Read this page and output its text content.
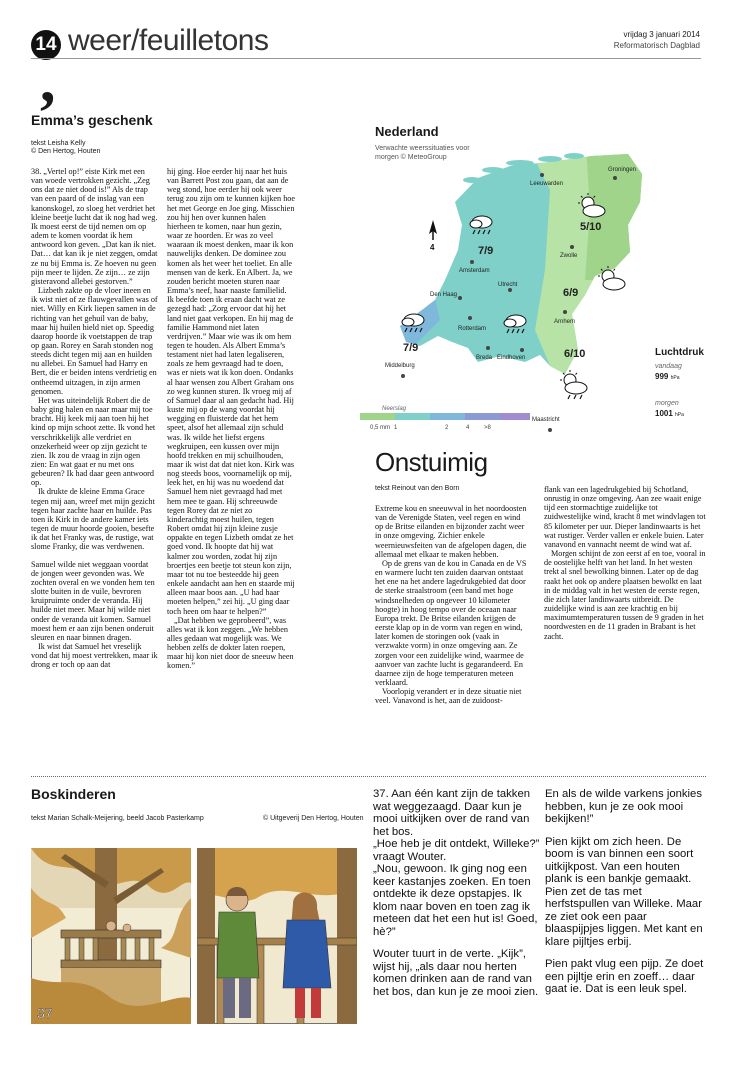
14 weer/feuilletons	vrijdag 3 januari 2014
Reformatorisch Dagblad
,
Emma’s geschenk
tekst Leisha Kelly
© Den Hertog, Houten

38. „Vertel op!” eiste Kirk met een van woede vertrokken gezicht. „Zeg ons dat ze niet dood is!” Als de trap van een paard of de inslag van een kanonskogel, zo sloeg het verdriet het kleine beetje lucht dat ik nog had weg. Ik moest eerst de tijd nemen om op adem te komen voordat ik hem antwoord kon geven. „Dat kan ik niet. Dat… dat kan ik je niet zeggen, omdat ze nu bij Emma is. Ze hoeven nu geen pijn meer te lijden. Ze zijn… ze zijn gisteravond allebei gestorven.”

Lizbeth zakte op de vloer ineen en ik wist niet of ze flauwgevallen was of niet. Willy en Kirk liepen samen in de richting van het gehuil van de baby, maar hij huilen hield niet op. Speedig daarop hoorde ik voetstappen de trap op gaan. Rorey en Sarah stonden nog steeds dicht tegen mij aan en huilden nu allebei. En Samuel had Harry en Bert, die er beiden intens verdrietig en ontheemd uitzagen, in zijn armen genomen.

Het was uiteindelijk Robert die de baby ging halen en naar maar mij toe bracht. Hij keek mij aan toen hij het kind op mijn schoot zette. Ik vond het verschrikkelijk alle verdriet en onzekerheid weer op zijn gezicht te zien. Ik zou de vraag in zijn ogen zien: En wat gaat er nu met ons gebeuren? Ik had daar geen antwoord op.

Ik drukte de kleine Emma Grace tegen mij aan, wreef met mijn gezicht tegen haar zachte haar en huilde. Pas toen ik Kirk in de andere kamer iets tegen de muur hoorde gooien, besefte ik dat het Franky was, de rustige, wat slome Franky, die was verdwenen.

Samuel wilde niet weggaan voordat de jongen weer gevonden was. We zochten overal en we vonden hem ten slotte buiten in de vuile, bevroren kruipruimte onder de veranda. Hij huilde niet meer. Maar hij wilde niet onder de veranda uit komen. Samuel moest hem er aan zijn benen onderuit sleuren en naar binnen dragen.

Ik wist dat Samuel het vreselijk vond dat hij moest vertrekken, maar ik drong er toch op aan dat

hij ging. Hoe eerder hij naar het huis van Barrett Post zou gaan, dat aan de weg stond, hoe eerder hij ook weer terug zou zijn om te kunnen kijken hoe het met George en Joe ging. Misschien zou hij hen over kunnen halen hierheen te komen, naar hun gezin, waar ze hoorden. Er was zo veel waaraan ik moest denken, maar ik kon nauwelijks denken. De dominee zou komen als het weer het toeliet. En alle mensen van de kerk. En Albert. Ja, we zouden bericht moeten sturen naar Emma’s neef, haar naaste familielid. Ik beefde toen ik eraan dacht wat ze gezegd had: „Zorg ervoor dat hij het land niet gaat verkopen. En hij mag de familie Hammond niet laten verdrijven.” Maar wie was ik om hem tegen te houden. Als Albert Emma’s testament niet had laten legaliseren, zoals ze hem gevraagd had te doen, was er niets wat ik kon doen. Ondanks al haar wensen zou Albert Graham ons zo weg kunnen sturen. Ik vroeg mij af of Samuel daar al aan gedacht had. Hij kuste mij op de wang voordat hij wegging en fluisterde dat het hem speet, alsof het allemaal zijn schuld was. Ik wilde het liefst ergens wegkruipen, een kussen over mijn hoofd trekken en mij schuilhouden, maar ik wist dat dat niet kon. Kirk was nog steeds boos, voornamelijk op mij, leek het, en hij was nu woedend dat Samuel hem niet gevraagd had met hem mee te gaan. Hij schreeuwde tegen Rorey dat ze niet zo kinderachtig moest huilen, tegen Robert omdat hij zijn kleine zusje oppakte en tegen Lizbeth omdat ze het goed vond. Ik hoopte dat hij wat kalmer zou worden, zodat hij zijn broertjes een beetje tot steun kon zijn, maar tot nu toe besteedde hij geen enkele aandacht aan hen en staarde mij alleen maar boos aan. „U had haar moeten helpen,” zei hij. „U ging daar toch heen om haar te helpen?”

„Dat hebben we geprobeerd”, was alles wat ik kon zeggen. „We hebben alles gedaan wat mogelijk was. We hebben zelfs de dokter laten roepen, maar hij kon niet door de sneeuw heen komen.”

Nederland
Verwachte weerssituaties voor morgen © MeteoGroup
Leeuwarden
Groningen
Zwolle
Amsterdam
Den Haag
Utrecht
Rotterdam
Arnhem
Breda Eindhoven
Middelburg
Maastricht
7/9
5/10
6/9
7/9	6/10
4
Neerslag
0,5 mm 1	2	4 >8
Luchtdruk
vandaag
999 hPa
morgen
1001 hPa
Onstuimig
tekst Reinout van den Born

Extreme kou en sneeuwval in het noordoosten van de Verenigde Staten, veel regen en wind op de Britse eilanden en bijzonder zacht weer in onze omgeving. Zichier enkele weernieuwsfeiten van de afgelopen dagen, die allemaal met elkaar te maken hebben.

Op de grens van de kou in Canada en de VS en warmere lucht ten zuiden daarvan ontstaat het ene na het andere lagedrukgebied dat door de sterke straalstroom (een band met hoge windsnelheden op ongeveer 10 kilometer hoogte) in hoog tempo over de oceaan naar Europa trekt. De Britse eilanden krijgen de eerste klap op in de vorm van regen en wind, later komen de storingen ook (vaak in verzwakte vorm) in onze omgeving aan. Ze zorgen voor een zuidelijke wind, waarmee de aanvoer van zachte lucht is gegarandeerd. En daarnee zijn de hoge temperaturen meteen verklaard.

Voorlopig verandert er in deze situatie niet veel. Vanavond is het, aan de zuidoost-

flank van een lagedrukgebied bij Schotland, onrustig in onze omgeving. Aan zee waait enige tijd een stormachtige zuidelijke tot zuidwestelijke wind, kracht 8 met windvlagen tot 85 kilometer per uur. Dieper landinwaarts is het wat rustiger. Verder vallen er enkele buien. Later vanavond en vannacht neemt de wind wat af.

Morgen schijnt de zon eerst af en toe, vooral in de oostelijke helft van het land. In het westen trekt al snel bewolking binnen. Later op de dag raakt het ook op andere plaatsen bewolkt en laat in de middag valt in het westen de eerste regen, die zich later landinwaarts uitbreidt. De zuidelijke wind is aan zee krachtig en bij maximumtemperaturen tussen de 9 graden in het noordwesten en de 11 graden in Brabant is het zacht.

Boskinderen
tekst Marian Schalk-Meijering, beeld Jacob Pasterkamp	© Uitgeverij Den Hertog, Houten
37

37. Aan één kant zijn de takken wat weggezaagd. Daar kun je mooi uitkijken over de rand van het bos.
„Hoe heb je dit ontdekt, Willeke?” vraagt Wouter.
„Nou, gewoon. Ik ging nog een keer kastanjes zoeken. En toen ontdekte ik deze opstapjes. Ik klom naar boven en toen zag ik meteen dat het een hut is! Goed, hè?”

Wouter tuurt in de verte. „Kijk”, wijst hij, „als daar nou herten komen drinken aan de rand van het bos, dan kun je ze mooi zien.

En als de wilde varkens jonkies hebben, kun je ze ook mooi bekijken!”

Pien kijkt om zich heen. De boom is van binnen een soort uitkijkpost. Van een houten plank is een bankje gemaakt. Pien zet de tas met herfstspullen van Willeke. Maar ze ziet ook een paar blaaspijpjes liggen. Met kant en klare pijltjes erbij.

Pien pakt vlug een pijp. Ze doet een pijltje erin en zoeff… daar gaat ie. Dat is een leuk spel.
